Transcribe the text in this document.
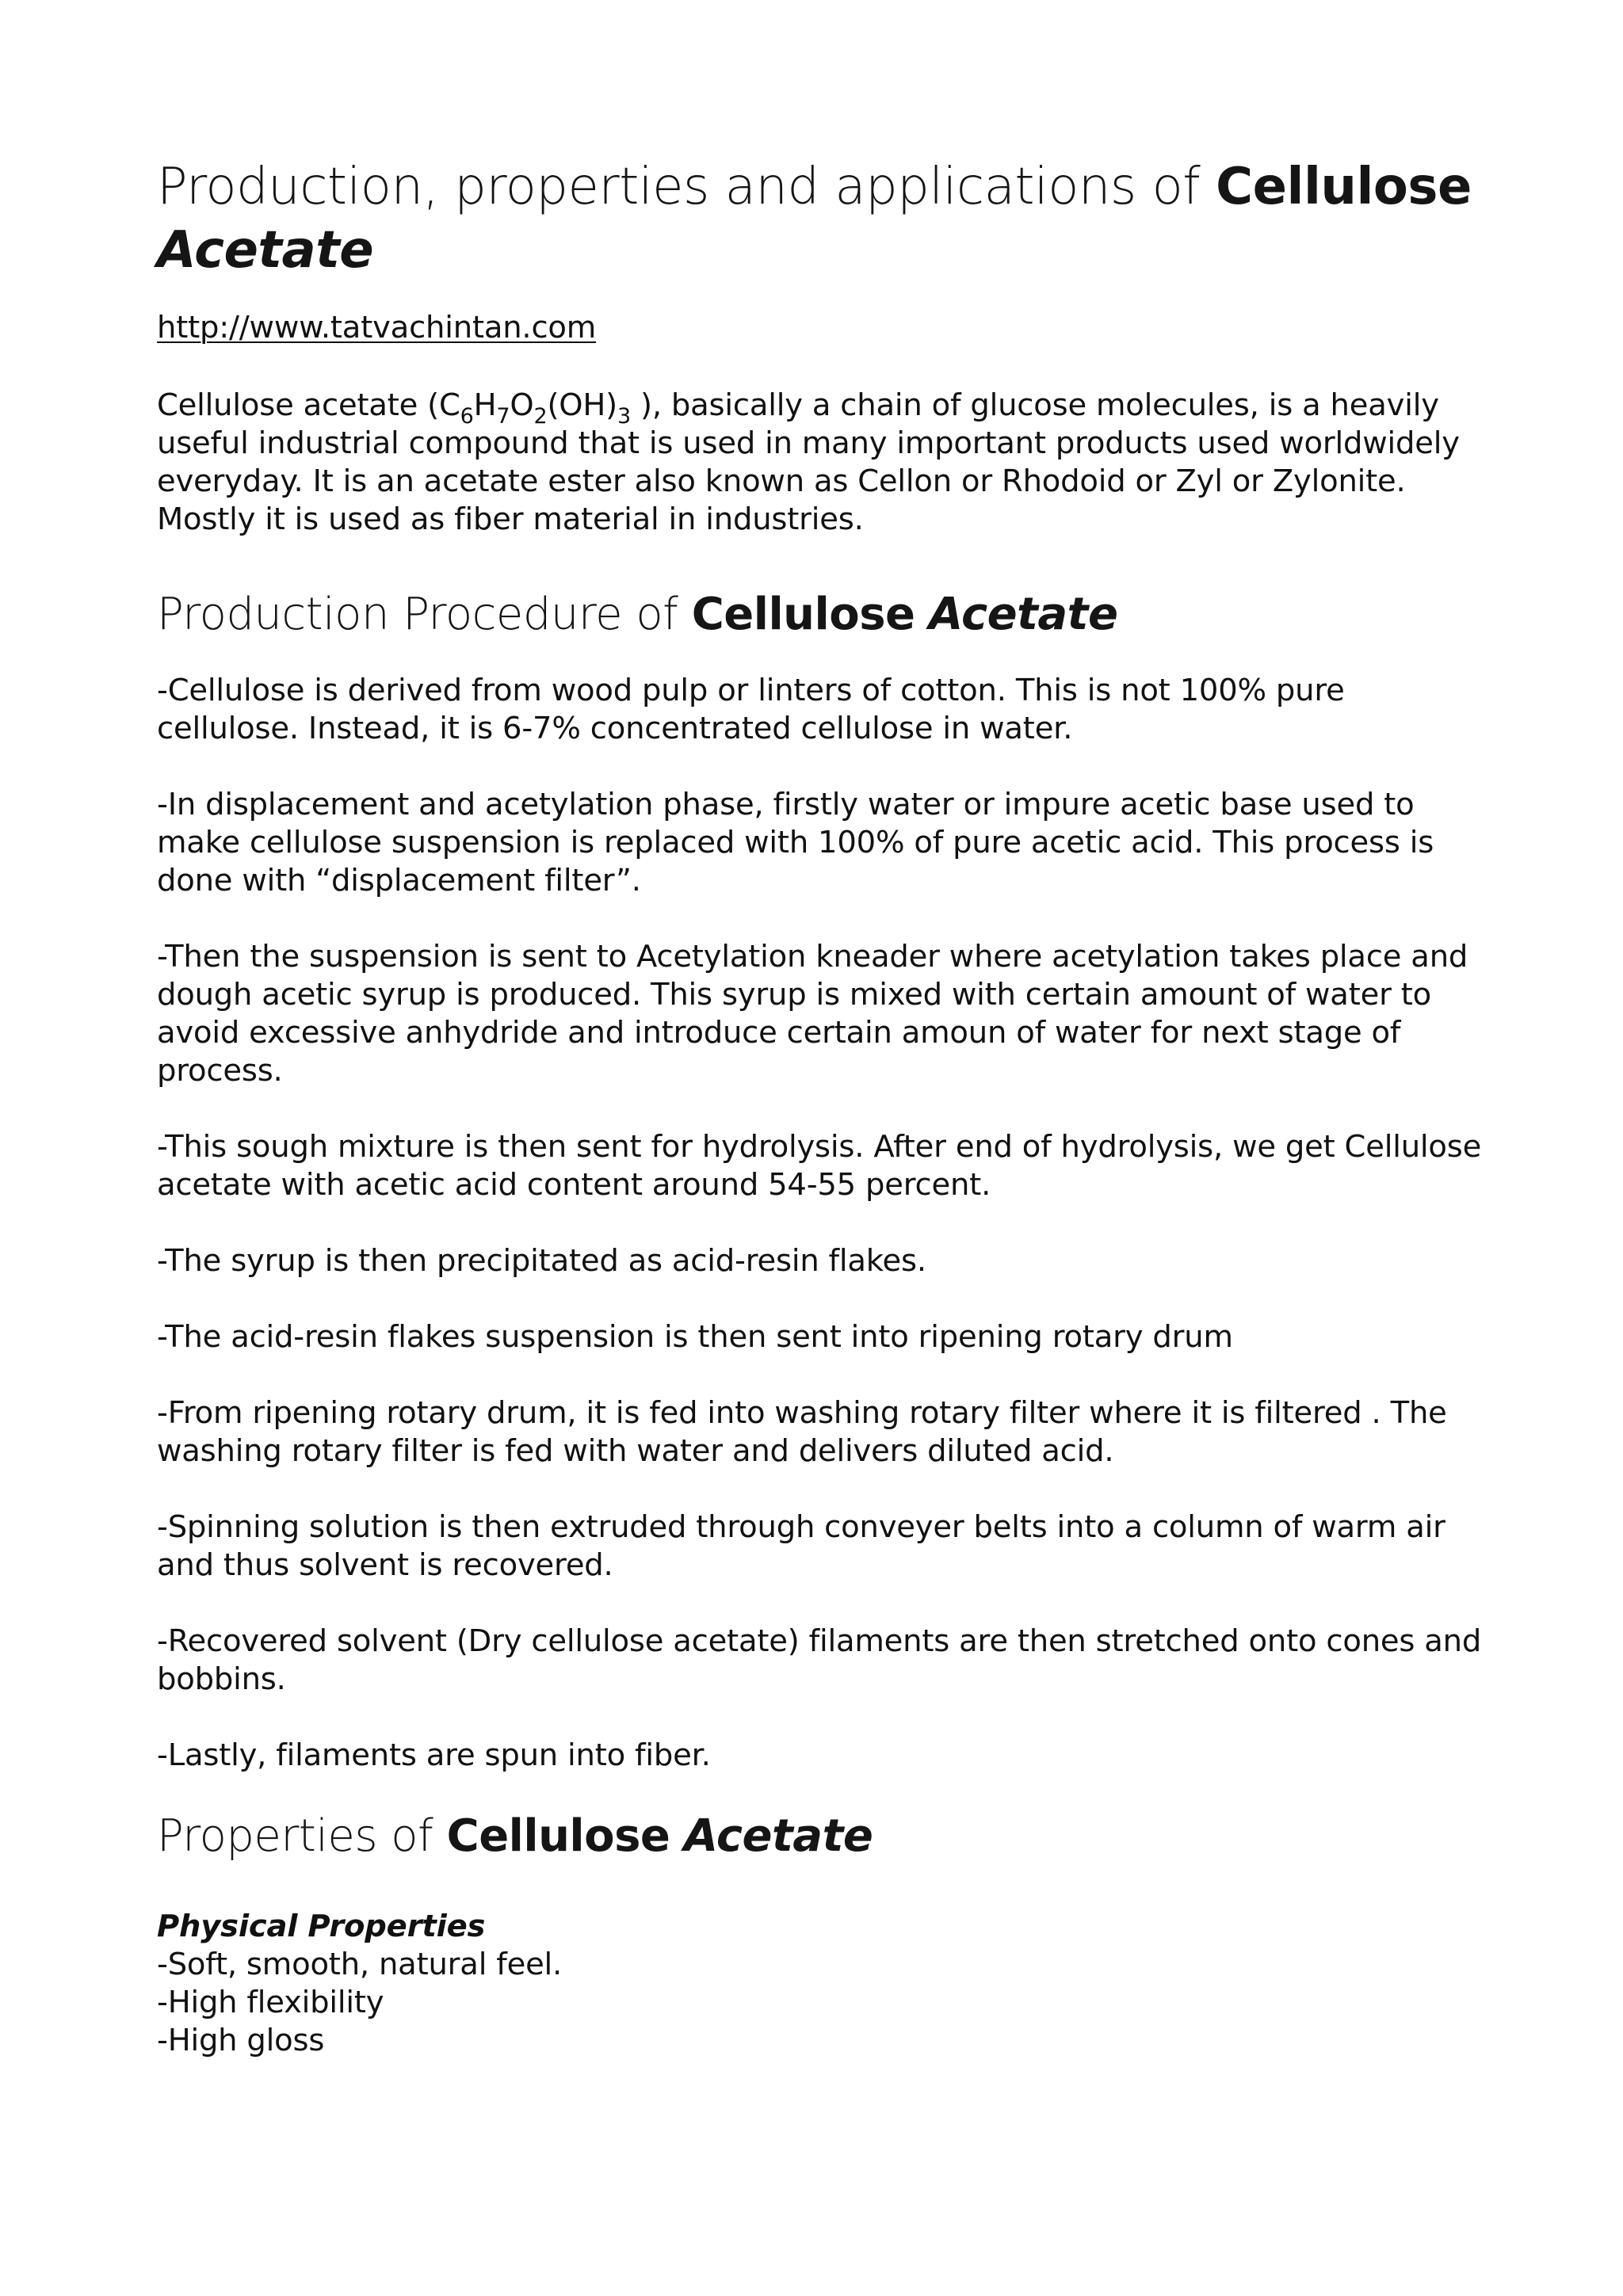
Production, properties and applications of Cellulose
Acetate

http://www.tatvachintan.com

Cellulose acetate ($C_6H_7O_2(OH)_3$ ), basically a chain of glucose molecules, is a heavily useful industrial compound that is used in many important products used worldwidely everyday. It is an acetate ester also known as Cellon or Rhodoid or Zyl or Zylonite. Mostly it is used as fiber material in industries.

Production Procedure of Cellulose Acetate

-Cellulose is derived from wood pulp or linters of cotton. This is not 100% pure cellulose. Instead, it is 6-7% concentrated cellulose in water.

-In displacement and acetylation phase, firstly water or impure acetic base used to make cellulose suspension is replaced with 100% of pure acetic acid. This process is done with “displacement filter”.

-Then the suspension is sent to Acetylation kneader where acetylation takes place and dough acetic syrup is produced. This syrup is mixed with certain amount of water to avoid excessive anhydride and introduce certain amoun of water for next stage of process.

-This sough mixture is then sent for hydrolysis. After end of hydrolysis, we get Cellulose acetate with acetic acid content around 54-55 percent.

-The syrup is then precipitated as acid-resin flakes.

-The acid-resin flakes suspension is then sent into ripening rotary drum

-From ripening rotary drum, it is fed into washing rotary filter where it is filtered . The washing rotary filter is fed with water and delivers diluted acid.

-Spinning solution is then extruded through conveyer belts into a column of warm air and thus solvent is recovered.

-Recovered solvent (Dry cellulose acetate) filaments are then stretched onto cones and bobbins.

-Lastly, filaments are spun into fiber.

Properties of Cellulose Acetate

Physical Properties

-Soft, smooth, natural feel.

-High flexibility

-High gloss
